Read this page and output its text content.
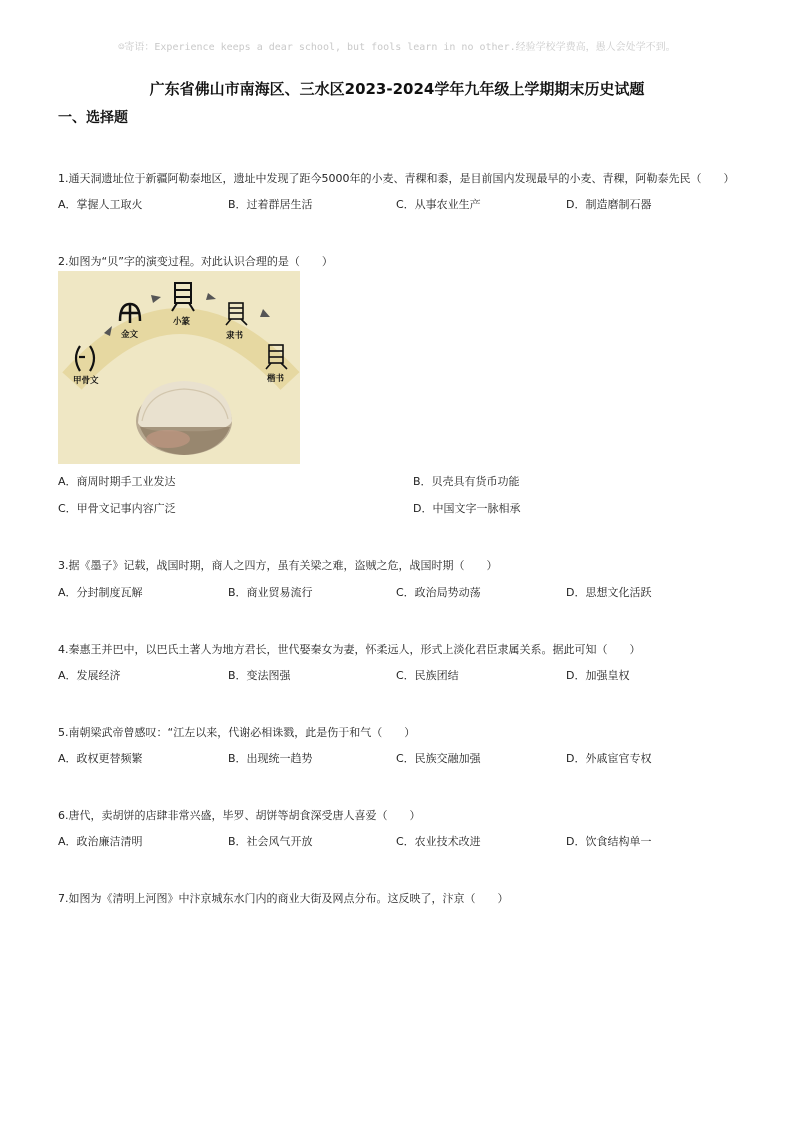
☺寄语：Experience keeps a dear school, but fools learn in no other.经验学校学费高，愚人会处学不到。
广东省佛山市南海区、三水区2023-2024学年九年级上学期期末历史试题
一、选择题
1.通天洞遗址位于新疆阿勒泰地区，遗址中发现了距今5000年的小麦、青稞和黍，是目前国内发现最早的小麦、青稞，阿勒泰先民（　　）
A．掌握人工取火	B．过着群居生活	C．从事农业生产	D．制造磨制石器
2.如图为“贝”字的演变过程。对此认识合理的是（　　）
甲骨文
金文
小篆
隶书
楷书
A．商周时期手工业发达	B．贝壳具有货币功能
C．甲骨文记事内容广泛	D．中国文字一脉相承
3.据《墨子》记载，战国时期，商人之四方，虽有关梁之难，盗贼之危，战国时期（　　）
A．分封制度瓦解	B．商业贸易流行	C．政治局势动荡	D．思想文化活跃
4.秦惠王并巴中，以巴氏土著人为地方君长，世代娶秦女为妻，怀柔远人，形式上淡化君臣隶属关系。据此可知（　　）
A．发展经济	B．变法图强	C．民族团结	D．加强皇权
5.南朝梁武帝曾感叹：“江左以来，代谢必相诛戮，此是伤于和气（　　）
A．政权更替频繁	B．出现统一趋势	C．民族交融加强	D．外戚宦官专权
6.唐代，卖胡饼的店肆非常兴盛，毕罗、胡饼等胡食深受唐人喜爱（　　）
A．政治廉洁清明	B．社会风气开放	C．农业技术改进	D．饮食结构单一
7.如图为《清明上河图》中汴京城东水门内的商业大街及网点分布。这反映了，汴京（　　）
